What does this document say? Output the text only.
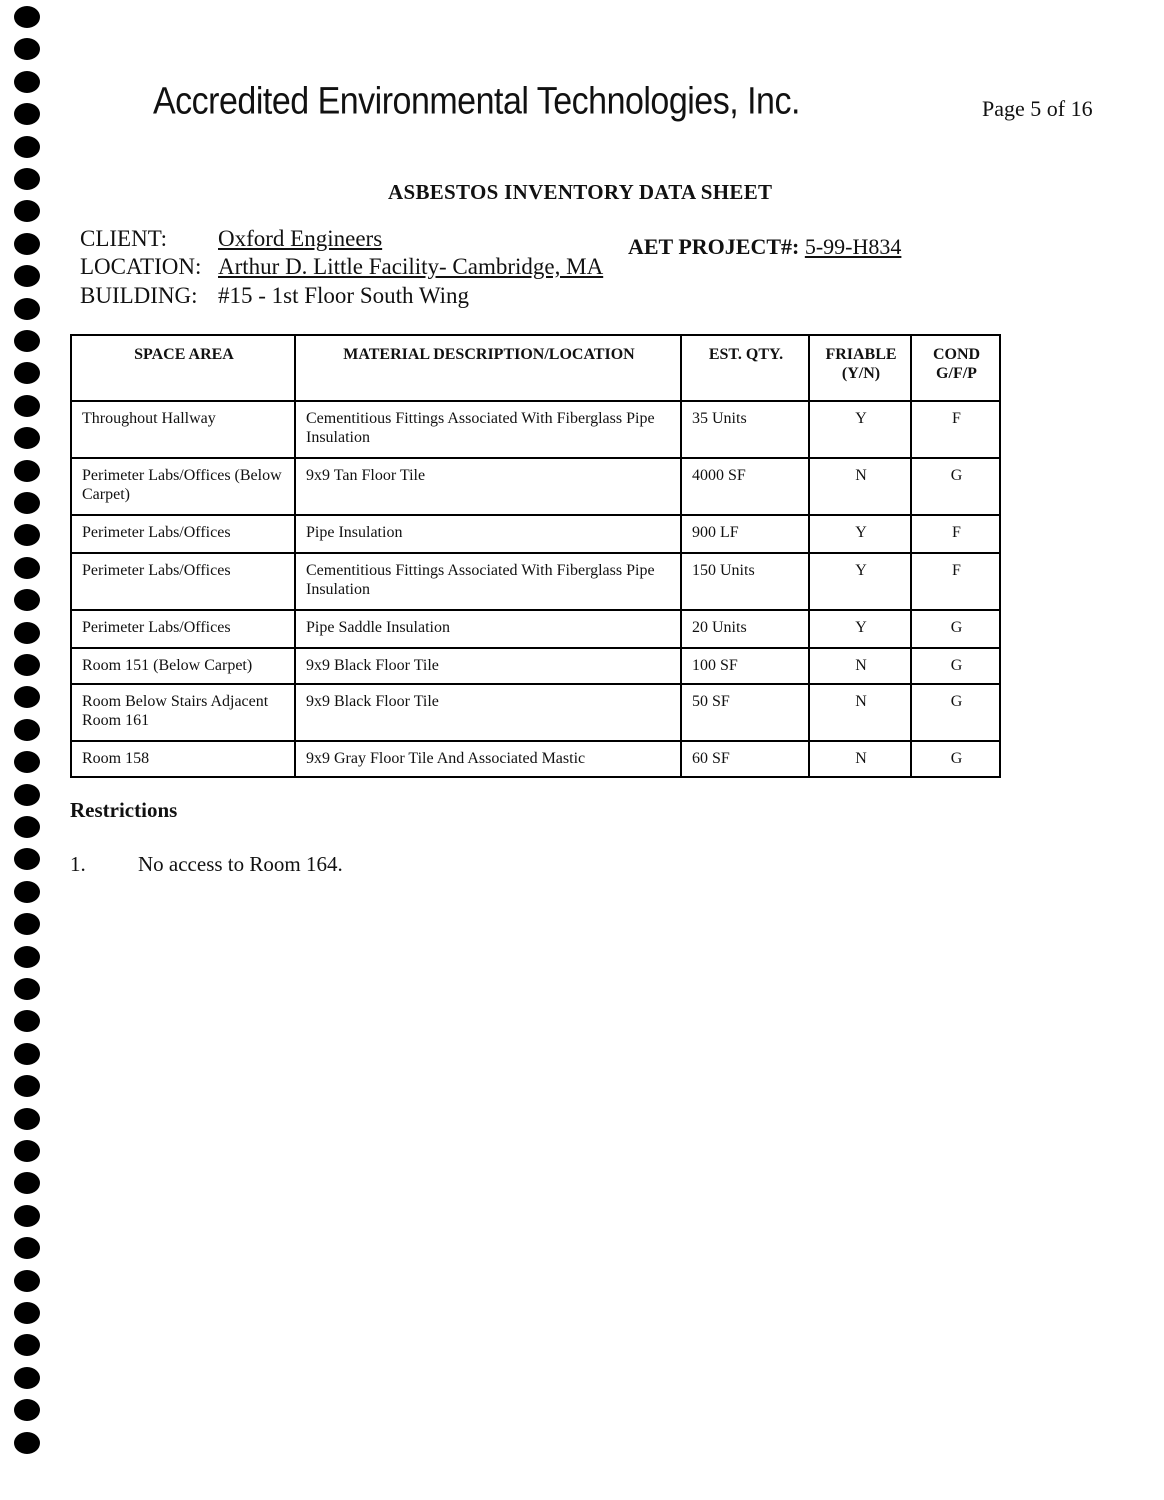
Accredited Environmental Technologies, Inc.	Page 5 of 16
ASBESTOS INVENTORY DATA SHEET
CLIENT: Oxford Engineers
LOCATION: Arthur D. Little Facility- Cambridge, MA
BUILDING: #15 - 1st Floor South Wing
AET PROJECT#: 5-99-H834
SPACE AREA	MATERIAL DESCRIPTION/LOCATION	EST. QTY.	FRIABLE (Y/N)	COND G/F/P
Throughout Hallway	Cementitious Fittings Associated With Fiberglass Pipe Insulation	35 Units	Y	F
Perimeter Labs/Offices (Below Carpet)	9x9 Tan Floor Tile	4000 SF	N	G
Perimeter Labs/Offices	Pipe Insulation	900 LF	Y	F
Perimeter Labs/Offices	Cementitious Fittings Associated With Fiberglass Pipe Insulation	150 Units	Y	F
Perimeter Labs/Offices	Pipe Saddle Insulation	20 Units	Y	G
Room 151 (Below Carpet)	9x9 Black Floor Tile	100 SF	N	G
Room Below Stairs Adjacent Room 161	9x9 Black Floor Tile	50 SF	N	G
Room 158	9x9 Gray Floor Tile And Associated Mastic	60 SF	N	G
Restrictions
1. No access to Room 164.
